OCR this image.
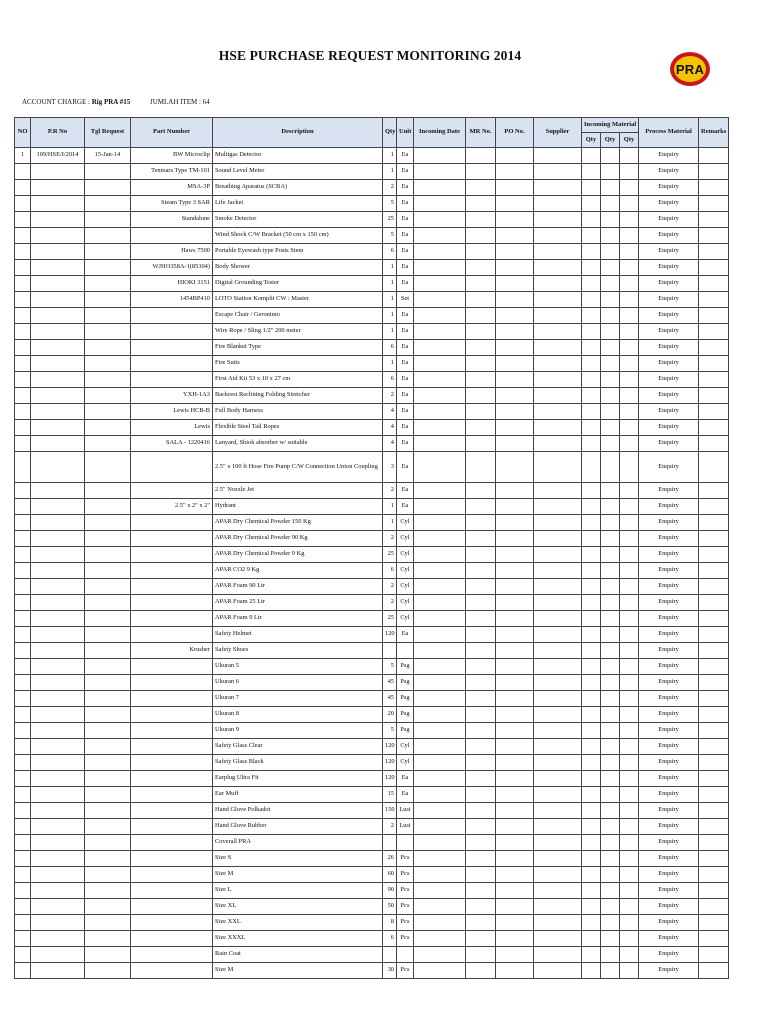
HSE PURCHASE REQUEST MONITORING 2014
PRA
ACCOUNT CHARGE : Rig PRA #15	JUMLAH ITEM : 64
NO	P.R No	Tgl Request	Part Number	Description	Qty	Unit	Incoming Date	MR No.	PO No.	Supplier	Incoming Material			Process Material	Remarks
											Qty	Qty	Qty		
1	109/HSE/I/2014	15-Jan-14	BW Microclip	Multigas Detector	1	Ea								Enquiry	
			Tenmars Type TM-101	Sound Level Meter	1	Ea								Enquiry	
			MSA-3P	Breathing Aparatus (SCBA)	2	Ea								Enquiry	
			Steam Type 3 SAR	Life Jacket	5	Ea								Enquiry	
			Standalone	Smoke Detector	25	Ea								Enquiry	
				Wind Shock C/W Bracket (50 cm x 150 cm)	5	Ea								Enquiry	
			Haws 7500	Portable Eyewash type Posts Stem	6	Ea								Enquiry	
			WJHO358A-1(85304)	Body Shower	1	Ea								Enquiry	
			HIOKI 3151	Digital Grounding Tester	1	Ea								Enquiry	
			1454BP410	LOTO Station Komplit CW : Master	1	Set								Enquiry	
				Escape Chair / Geronimo	1	Ea								Enquiry	
				Wire Rope / Sling 1/2" 200 meter	1	Ea								Enquiry	
				Fire Blanket Type	6	Ea								Enquiry	
				Fire Suits	1	Ea								Enquiry	
				First Aid Kit 53 x 10 x 27 cm	6	Ea								Enquiry	
			YXH-1A3	Backrest Reclining Folding Stretcher	2	Ea								Enquiry	
			Lewis HCB-B	Full Body Harness	4	Ea								Enquiry	
			Lewis	Flexible Steel Tail Ropes	4	Ea								Enquiry	
			SALA - 1220416	Lanyard, Shiok absorber w/ suitable	4	Ea								Enquiry	
				2.5" x 100 ft Hose Fire Pump C/W Connection Union Coupling	3	Ea								Enquiry	
				2.5" Nozzle Jet	2	Ea								Enquiry	
			2.5" x 2" x 2"	Hydrant	1	Ea								Enquiry	
				APAR Dry Chemical Powder 150 Kg	1	Cyl								Enquiry	
				APAR Dry Chemical Powder 90 Kg	2	Cyl								Enquiry	
				APAR Dry Chemical Powder 9 Kg	25	Cyl								Enquiry	
				APAR CO2 9 Kg	6	Cyl								Enquiry	
				APAR Foam 90 Ltr	2	Cyl								Enquiry	
				APAR Foam 25 Ltr	2	Cyl								Enquiry	
				APAR Foam 9 Ltr	25	Cyl								Enquiry	
				Safety Helmet	120	Ea								Enquiry	
			Krusher	Safety Shoes										Enquiry	
				Ukuran 5	5	Psg								Enquiry	
				Ukuran 6	45	Psg								Enquiry	
				Ukuran 7	45	Psg								Enquiry	
				Ukuran 8	20	Psg								Enquiry	
				Ukuran 9	5	Psg								Enquiry	
				Safety Glass Clear	120	Cyl								Enquiry	
				Safety Glass Black	120	Cyl								Enquiry	
				Earplug Ultra Fit	120	Ea								Enquiry	
				Ear Muff	15	Ea								Enquiry	
				Hand Glove Polkadot	150	Lusi								Enquiry	
				Hand Glove Rubber	2	Lusi								Enquiry	
				Coverall PRA										Enquiry	
				Size S	26	Pcs								Enquiry	
				Size M	60	Pcs								Enquiry	
				Size L	90	Pcs								Enquiry	
				Size XL	50	Pcs								Enquiry	
				Size XXL	8	Pcs								Enquiry	
				Size XXXL	6	Pcs								Enquiry	
				Rain Coat										Enquiry	
				Size M	30	Pcs								Enquiry	
